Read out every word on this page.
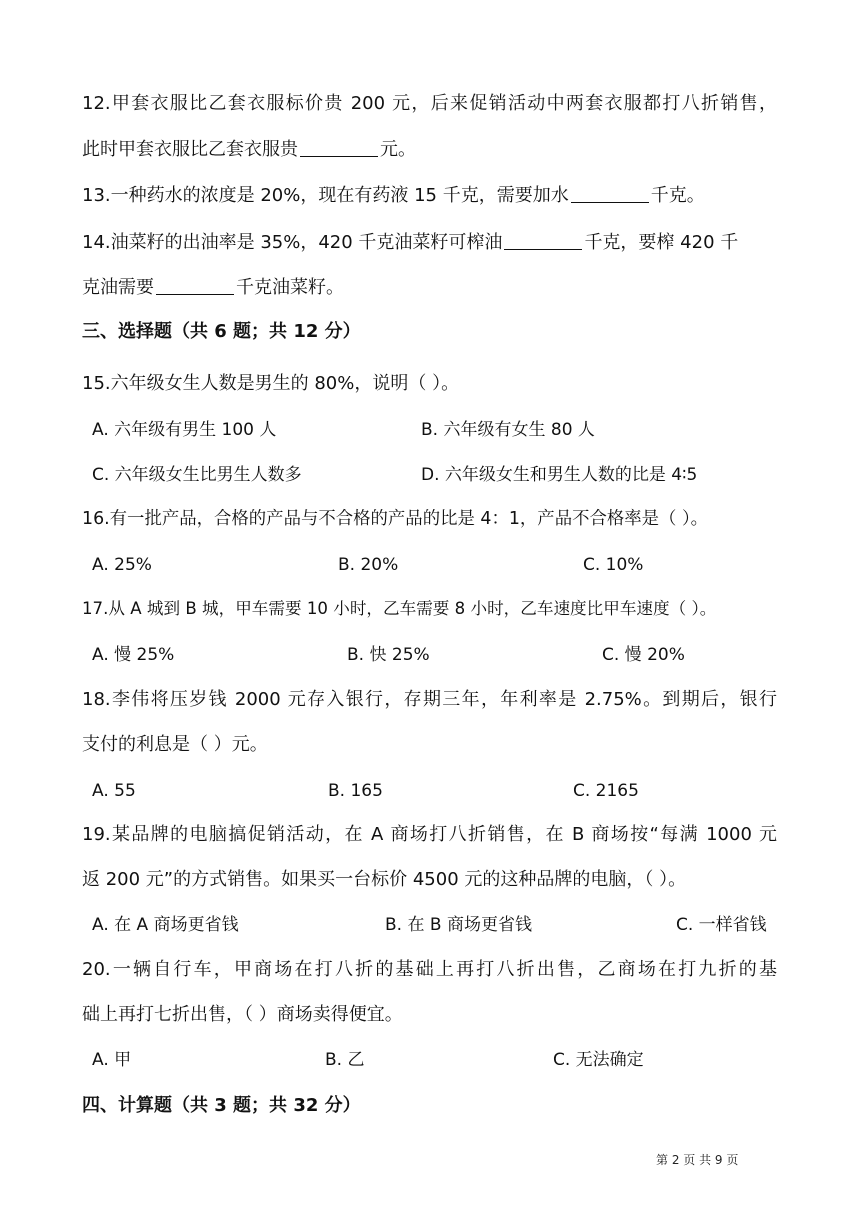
12.甲套衣服比乙套衣服标价贵 200 元，后来促销活动中两套衣服都打八折销售，
此时甲套衣服比乙套衣服贵	元。
13.一种药水的浓度是 20%，现在有药液 15 千克，需要加水	千克。
14.油菜籽的出油率是 35%，420 千克油菜籽可榨油	千克，要榨 420 千
克油需要	千克油菜籽。
三、选择题（共 6 题；共 12 分）
15.六年级女生人数是男生的 80%，说明（ ）。
A. 六年级有男生 100 人	B. 六年级有女生 80 人
C. 六年级女生比男生人数多	D. 六年级女生和男生人数的比是 4∶5
16.有一批产品，合格的产品与不合格的产品的比是 4：1，产品不合格率是（ ）。
A. 25%	B. 20%	C. 10%
17.从 A 城到 B 城，甲车需要 10 小时，乙车需要 8 小时，乙车速度比甲车速度（ ）。
A. 慢 25%	B. 快 25%	C. 慢 20%
18.李伟将压岁钱 2000 元存入银行，存期三年，年利率是 2.75%。到期后，银行
支付的利息是（ ）元。
A. 55	B. 165	C. 2165
19.某品牌的电脑搞促销活动，在 A 商场打八折销售，在 B 商场按“每满 1000 元
返 200 元”的方式销售。如果买一台标价 4500 元的这种品牌的电脑，（ ）。
A. 在 A 商场更省钱	B. 在 B 商场更省钱	C. 一样省钱
20.一辆自行车，甲商场在打八折的基础上再打八折出售，乙商场在打九折的基
础上再打七折出售，（ ）商场卖得便宜。
A. 甲	B. 乙	C. 无法确定
四、计算题（共 3 题；共 32 分）
第 2 页 共 9 页
